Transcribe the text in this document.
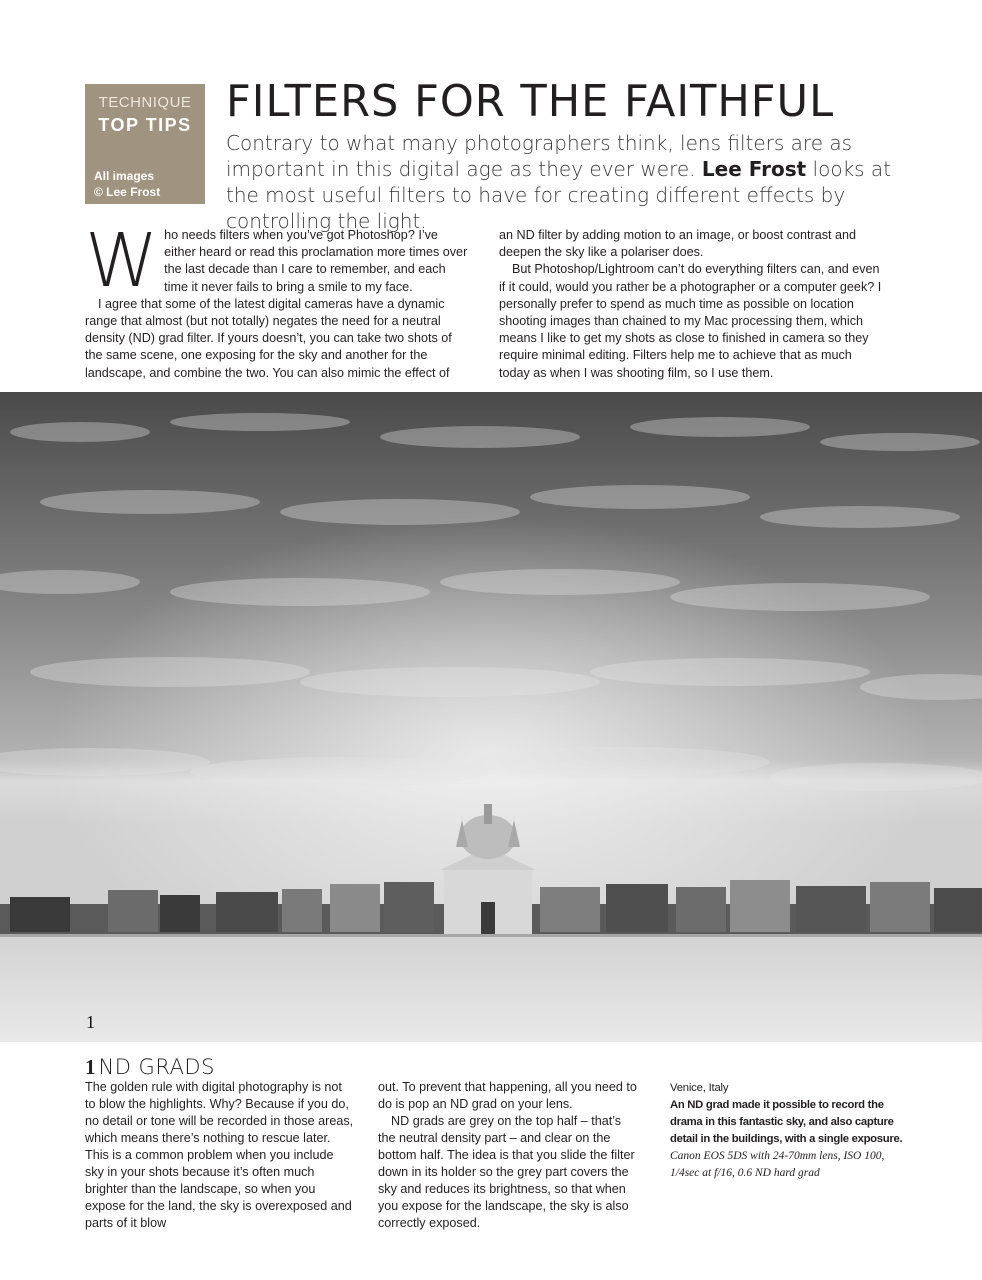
TECHNIQUE
TOP TIPS
All images
© Lee Frost
FILTERS FOR THE FAITHFUL

Contrary to what many photographers think, lens filters are as important in this digital age as they ever were. Lee Frost looks at the most useful filters to have for creating different effects by controlling the light.

Who needs filters when you’ve got Photoshop? I’ve either heard or read this proclamation more times over the last decade than I care to remember, and each time it never fails to bring a smile to my face.

I agree that some of the latest digital cameras have a dynamic range that almost (but not totally) negates the need for a neutral density (ND) grad filter. If yours doesn’t, you can take two shots of the same scene, one exposing for the sky and another for the landscape, and combine the two. You can also mimic the effect of

an ND filter by adding motion to an image, or boost contrast and deepen the sky like a polariser does.

But Photoshop/Lightroom can’t do everything filters can, and even if it could, would you rather be a photographer or a computer geek? I personally prefer to spend as much time as possible on location shooting images than chained to my Mac processing them, which means I like to get my shots as close to finished in camera so they require minimal editing. Filters help me to achieve that as much today as when I was shooting film, so I use them.

1
1 ND GRADS

The golden rule with digital photography is not to blow the highlights. Why? Because if you do, no detail or tone will be recorded in those areas, which means there’s nothing to rescue later. This is a common problem when you include sky in your shots because it’s often much brighter than the landscape, so when you expose for the land, the sky is overexposed and parts of it blow

out. To prevent that happening, all you need to do is pop an ND grad on your lens.

ND grads are grey on the top half – that’s the neutral density part – and clear on the bottom half. The idea is that you slide the filter down in its holder so the grey part covers the sky and reduces its brightness, so that when you expose for the landscape, the sky is also correctly exposed.

Venice, Italy
An ND grad made it possible to record the drama in this fantastic sky, and also capture detail in the buildings, with a single exposure.
Canon EOS 5DS with 24-70mm lens, ISO 100, 1/4sec at f/16, 0.6 ND hard grad
